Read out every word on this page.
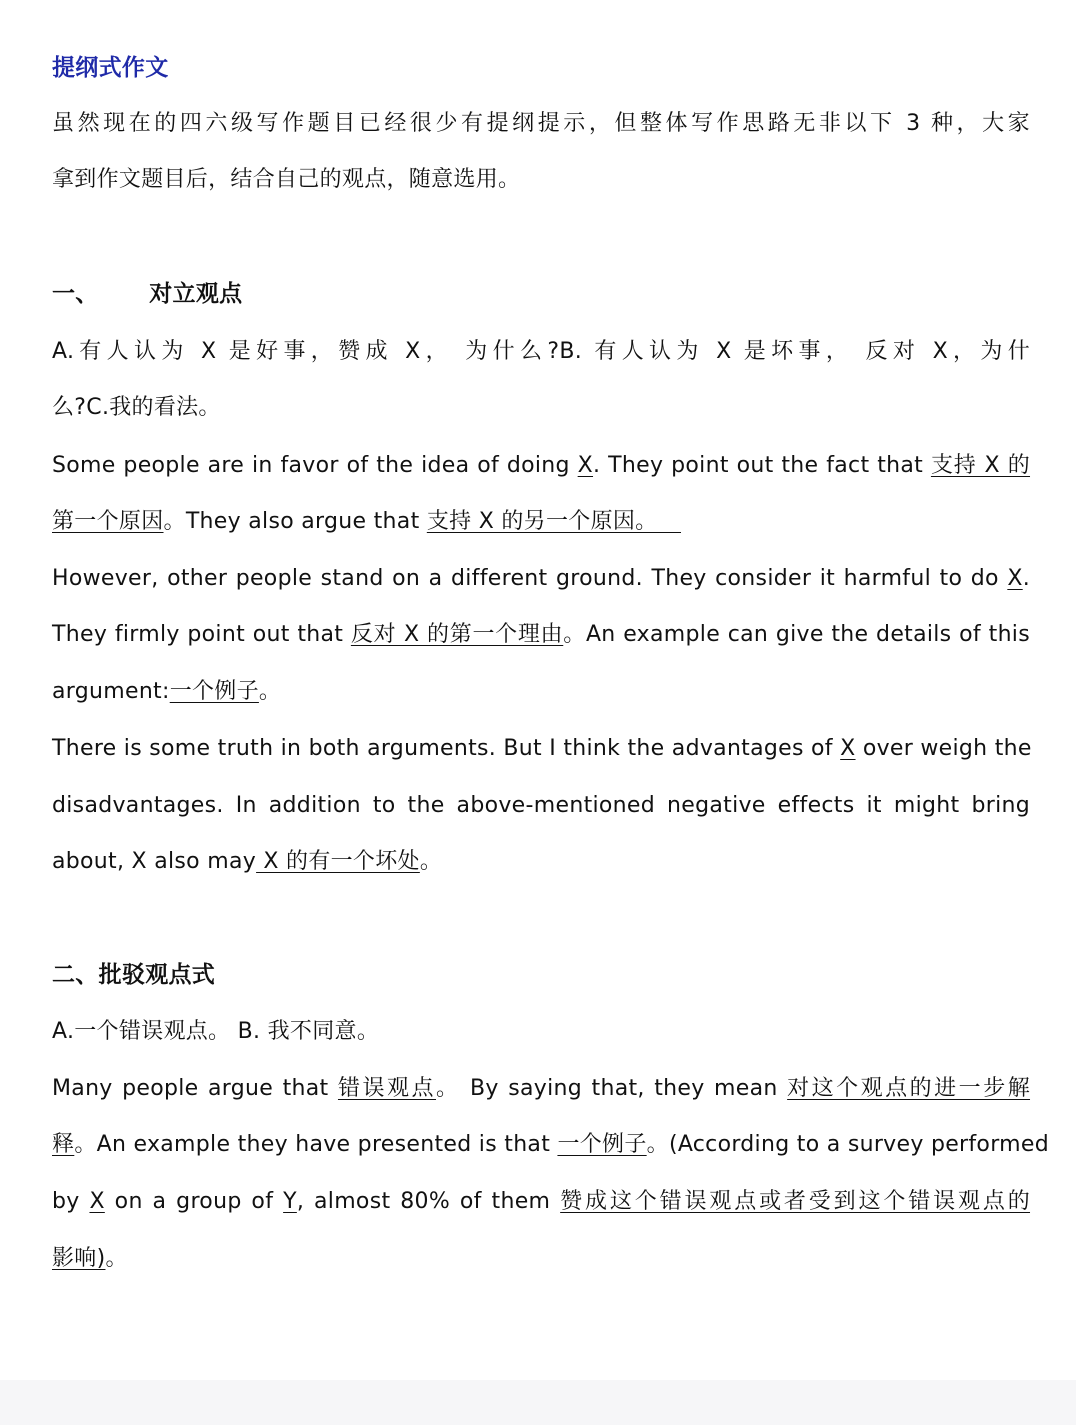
提纲式作文
虽然现在的四六级写作题目已经很少有提纲提示，但整体写作思路无非以下 3 种，大家
拿到作文题目后，结合自己的观点，随意选用。
一、 对立观点
A.有人认为 X 是好事，赞成 X， 为什么?B. 有人认为 X 是坏事， 反对 X，为什
么?C.我的看法。
Some people are in favor of the idea of doing X. They point out the fact that 支持 X 的
第一个原因。They also argue that 支持 X 的另一个原因。
However, other people stand on a different ground. They consider it harmful to do X.
They firmly point out that 反对 X 的第一个理由。An example can give the details of this
argument:一个例子。
There is some truth in both arguments. But I think the advantages of X over weigh the
disadvantages. In addition to the above-mentioned negative effects it might bring
about, X also may X 的有一个坏处。
二、批驳观点式
A.一个错误观点。 B. 我不同意。
Many people argue that 错误观点。 By saying that, they mean 对这个观点的进一步解
释。An example they have presented is that 一个例子。(According to a survey performed
by X on a group of Y, almost 80% of them 赞成这个错误观点或者受到这个错误观点的
影响)。
